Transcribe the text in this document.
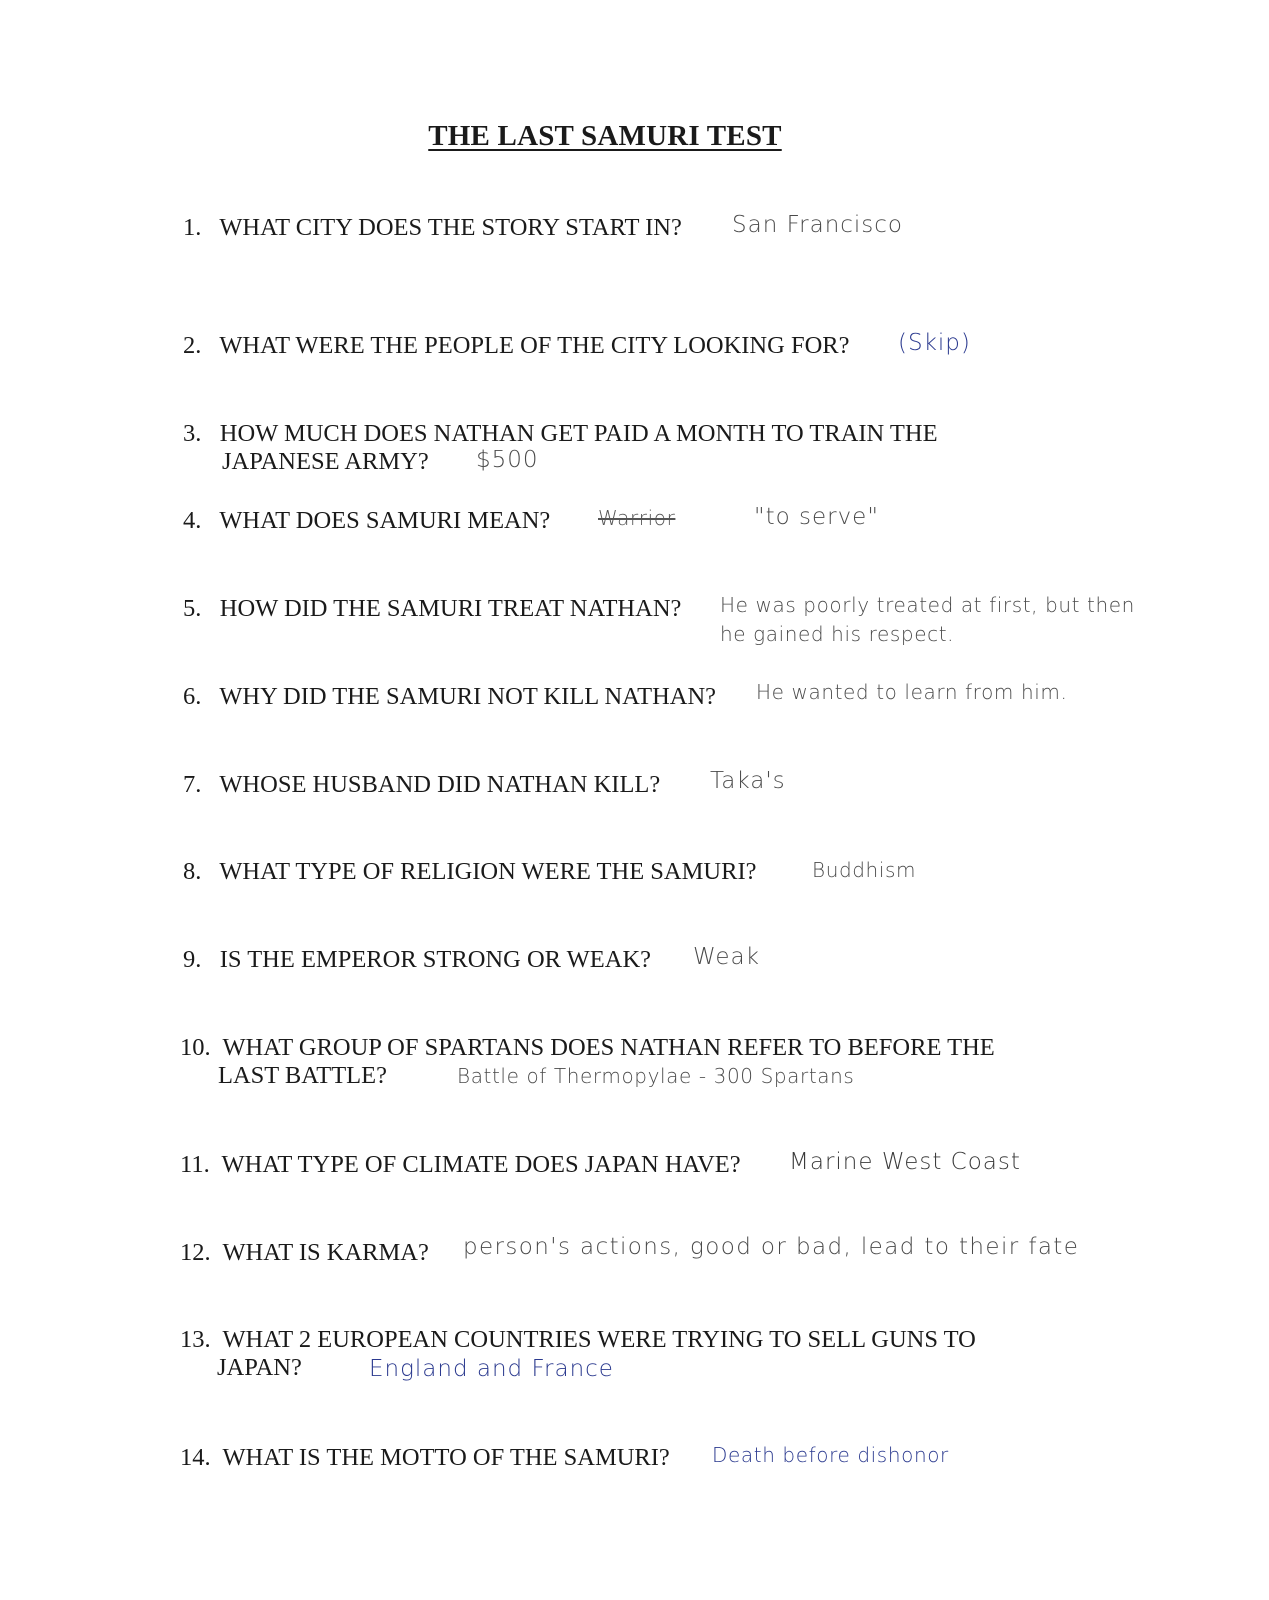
THE LAST SAMURI TEST
1. WHAT CITY DOES THE STORY START IN? San Francisco
2. WHAT WERE THE PEOPLE OF THE CITY LOOKING FOR? (Skip)
3. HOW MUCH DOES NATHAN GET PAID A MONTH TO TRAIN THE
JAPANESE ARMY? $500
4. WHAT DOES SAMURI MEAN? Warrior	"to serve"
5. HOW DID THE SAMURI TREAT NATHAN? He was poorly treated at first, but then
he gained his respect.
6. WHY DID THE SAMURI NOT KILL NATHAN? He wanted to learn from him.
7. WHOSE HUSBAND DID NATHAN KILL? Taka's
8. WHAT TYPE OF RELIGION WERE THE SAMURI?	Buddhism
9. IS THE EMPEROR STRONG OR WEAK? Weak
10. WHAT GROUP OF SPARTANS DOES NATHAN REFER TO BEFORE THE
LAST BATTLE?	Battle of Thermopylae - 300 Spartans
11. WHAT TYPE OF CLIMATE DOES JAPAN HAVE? Marine West Coast
12. WHAT IS KARMA? person's actions, good or bad, lead to their fate
13. WHAT 2 EUROPEAN COUNTRIES WERE TRYING TO SELL GUNS TO
JAPAN?	England and France
14. WHAT IS THE MOTTO OF THE SAMURI? Death before dishonor
